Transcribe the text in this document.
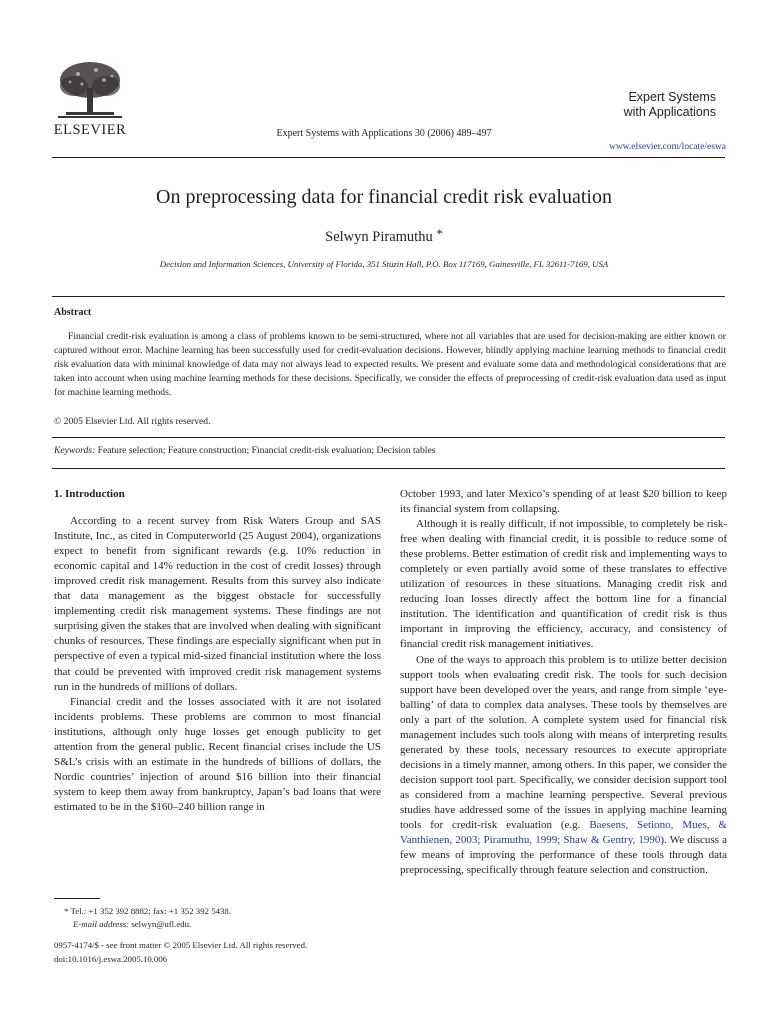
ELSEVIER	Expert Systems with Applications 30 (2006) 489–497
Expert Systems
with Applications
www.elsevier.com/locate/eswa
On preprocessing data for financial credit risk evaluation
Selwyn Piramuthu *
Decision and Information Sciences, University of Florida, 351 Stuzin Hall, P.O. Box 117169, Gainesville, FL 32611-7169, USA
Abstract

Financial credit-risk evaluation is among a class of problems known to be semi-structured, where not all variables that are used for decision-making are either known or captured without error. Machine learning has been successfully used for credit-evaluation decisions. However, blindly applying machine learning methods to financial credit risk evaluation data with minimal knowledge of data may not always lead to expected results. We present and evaluate some data and methodological considerations that are taken into account when using machine learning methods for these decisions. Specifically, we consider the effects of preprocessing of credit-risk evaluation data used as input for machine learning methods.

© 2005 Elsevier Ltd. All rights reserved.
Keywords: Feature selection; Feature construction; Financial credit-risk evaluation; Decision tables
1. Introduction

According to a recent survey from Risk Waters Group and SAS Institute, Inc., as cited in Computerworld (25 August 2004), organizations expect to benefit from significant rewards (e.g. 10% reduction in economic capital and 14% reduction in the cost of credit losses) through improved credit risk management. Results from this survey also indicate that data management as the biggest obstacle for successfully implementing credit risk management systems. These findings are not surprising given the stakes that are involved when dealing with significant chunks of resources. These findings are especially significant when put in perspective of even a typical mid-sized financial institution where the loss that could be prevented with improved credit risk management systems run in the hundreds of millions of dollars.

Financial credit and the losses associated with it are not isolated incidents problems. These problems are common to most financial institutions, although only huge losses get enough publicity to get attention from the general public. Recent financial crises include the US S&L’s crisis with an estimate in the hundreds of billions of dollars, the Nordic countries’ injection of around $16 billion into their financial system to keep them away from bankruptcy, Japan’s bad loans that were estimated to be in the $160–240 billion range in

October 1993, and later Mexico’s spending of at least $20 billion to keep its financial system from collapsing.

Although it is really difficult, if not impossible, to completely be risk-free when dealing with financial credit, it is possible to reduce some of these problems. Better estimation of credit risk and implementing ways to completely or even partially avoid some of these translates to effective utilization of resources in these situations. Managing credit risk and reducing loan losses directly affect the bottom line for a financial institution. The identification and quantification of credit risk is thus important in improving the efficiency, accuracy, and consistency of financial credit risk management initiatives.

One of the ways to approach this problem is to utilize better decision support tools when evaluating credit risk. The tools for such decision support have been developed over the years, and range from simple ‘eye-balling’ of data to complex data analyses. These tools by themselves are only a part of the solution. A complete system used for financial risk management includes such tools along with means of interpreting results generated by these tools, necessary resources to execute appropriate decisions in a timely manner, among others. In this paper, we consider the decision support tool part. Specifically, we consider decision support tool as considered from a machine learning perspective. Several previous studies have addressed some of the issues in applying machine learning tools for credit-risk evaluation (e.g. Baesens, Setiono, Mues, & Vanthienen, 2003; Piramuthu, 1999; Shaw & Gentry, 1990). We discuss a few means of improving the performance of these tools through data preprocessing, specifically through feature selection and construction.

* Tel.: +1 352 392 8882; fax: +1 352 392 5438.
E-mail address: selwyn@ufl.edu.
0957-4174/$ - see front matter © 2005 Elsevier Ltd. All rights reserved.
doi:10.1016/j.eswa.2005.10.006
